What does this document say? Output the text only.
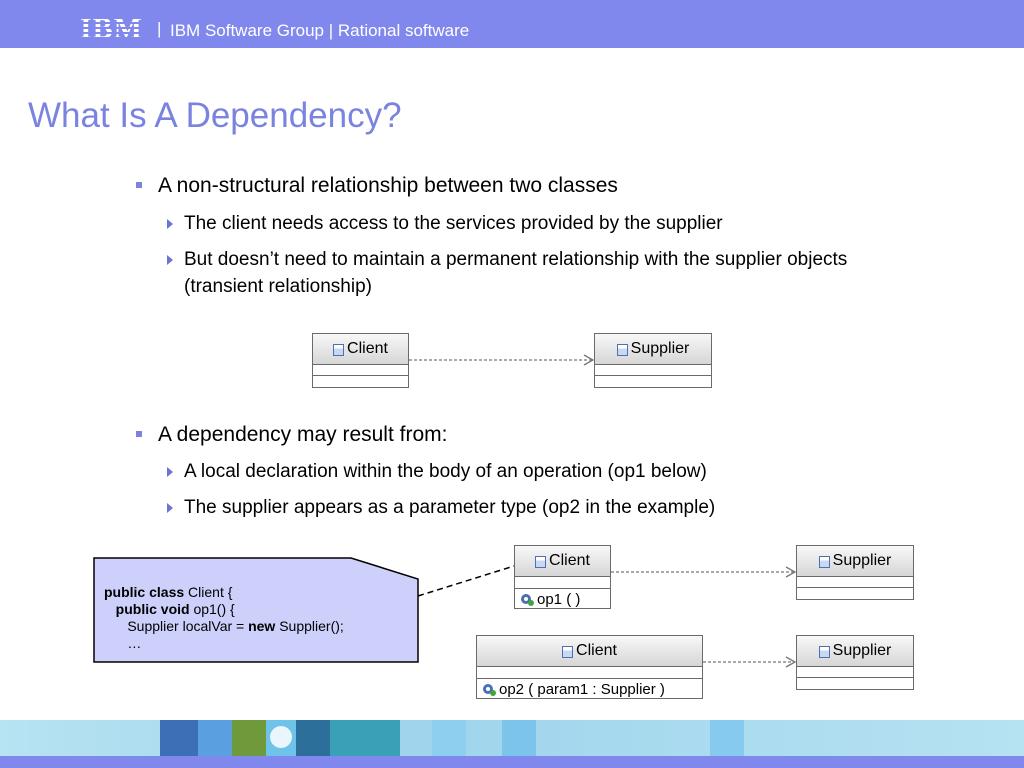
| IBM Software Group | Rational software
What Is A Dependency?
A non-structural relationship between two classes
The client needs access to the services provided by the supplier
But doesn’t need to maintain a permanent relationship with the supplier objects (transient relationship)
Client	Supplier
A dependency may result from:
A local declaration within the body of an operation (op1 below)
The supplier appears as a parameter type (op2 in the example)
Client
op1 ( )
Supplier
Client
op2 ( param1 : Supplier )
Supplier
public class Client {
public void op1() {
Supplier localVar = new Supplier();
…
